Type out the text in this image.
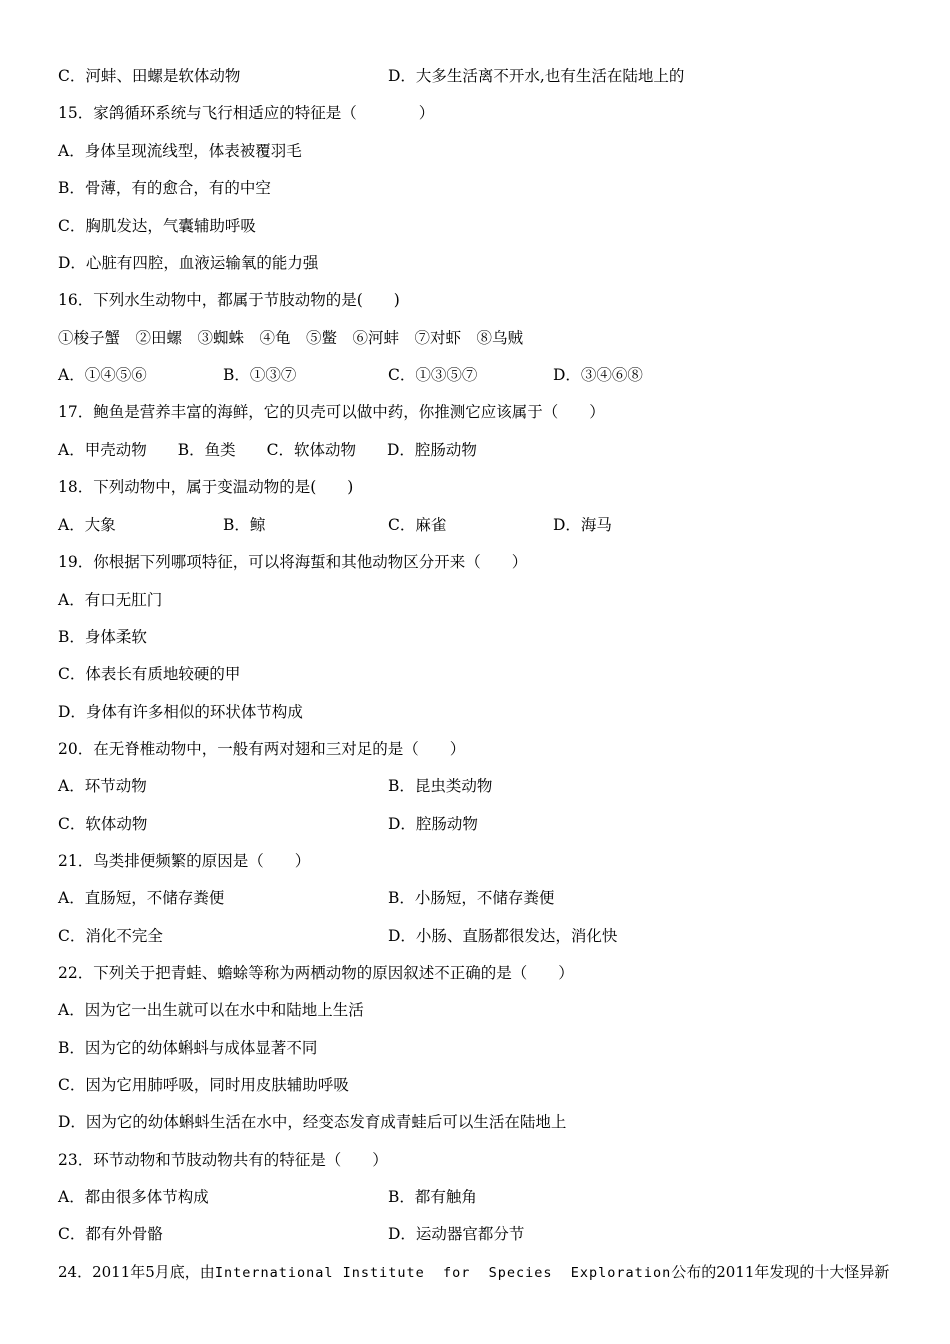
C．河蚌、田螺是软体动物	D．大多生活离不开水,也有生活在陆地上的
15．家鸽循环系统与飞行相适应的特征是（　　　　）
A．身体呈现流线型，体表被覆羽毛
B．骨薄，有的愈合，有的中空
C．胸肌发达，气囊辅助呼吸
D．心脏有四腔，血液运输氧的能力强
16．下列水生动物中，都属于节肢动物的是(　　)
①梭子蟹　②田螺　③蜘蛛　④龟　⑤鳖　⑥河蚌　⑦对虾　⑧乌贼
A．①④⑤⑥	B．①③⑦	C．①③⑤⑦	D．③④⑥⑧
17．鲍鱼是营养丰富的海鲜，它的贝壳可以做中药，你推测它应该属于（　　）
A．甲壳动物　　B．鱼类　　C．软体动物　　D．腔肠动物
18．下列动物中，属于变温动物的是(　　)
A．大象	B．鲸	C．麻雀	D．海马
19．你根据下列哪项特征，可以将海蜇和其他动物区分开来（　　）
A．有口无肛门
B．身体柔软
C．体表长有质地较硬的甲
D．身体有许多相似的环状体节构成
20．在无脊椎动物中，一般有两对翅和三对足的是（　　）
A．环节动物	B．昆虫类动物
C．软体动物	D．腔肠动物
21．鸟类排便频繁的原因是（　　）
A．直肠短，不储存粪便	B．小肠短，不储存粪便
C．消化不完全	D．小肠、直肠都很发达，消化快
22．下列关于把青蛙、蟾蜍等称为两栖动物的原因叙述不正确的是（　　）
A．因为它一出生就可以在水中和陆地上生活
B．因为它的幼体蝌蚪与成体显著不同
C．因为它用肺呼吸，同时用皮肤辅助呼吸
D．因为它的幼体蝌蚪生活在水中，经变态发育成青蛙后可以生活在陆地上
23．环节动物和节肢动物共有的特征是（　　）
A．都由很多体节构成	B．都有触角
C．都有外骨骼	D．运动器官都分节
24．2011年5月底，由International Institute  for  Species  Exploration公布的2011年发现的十大怪异新
